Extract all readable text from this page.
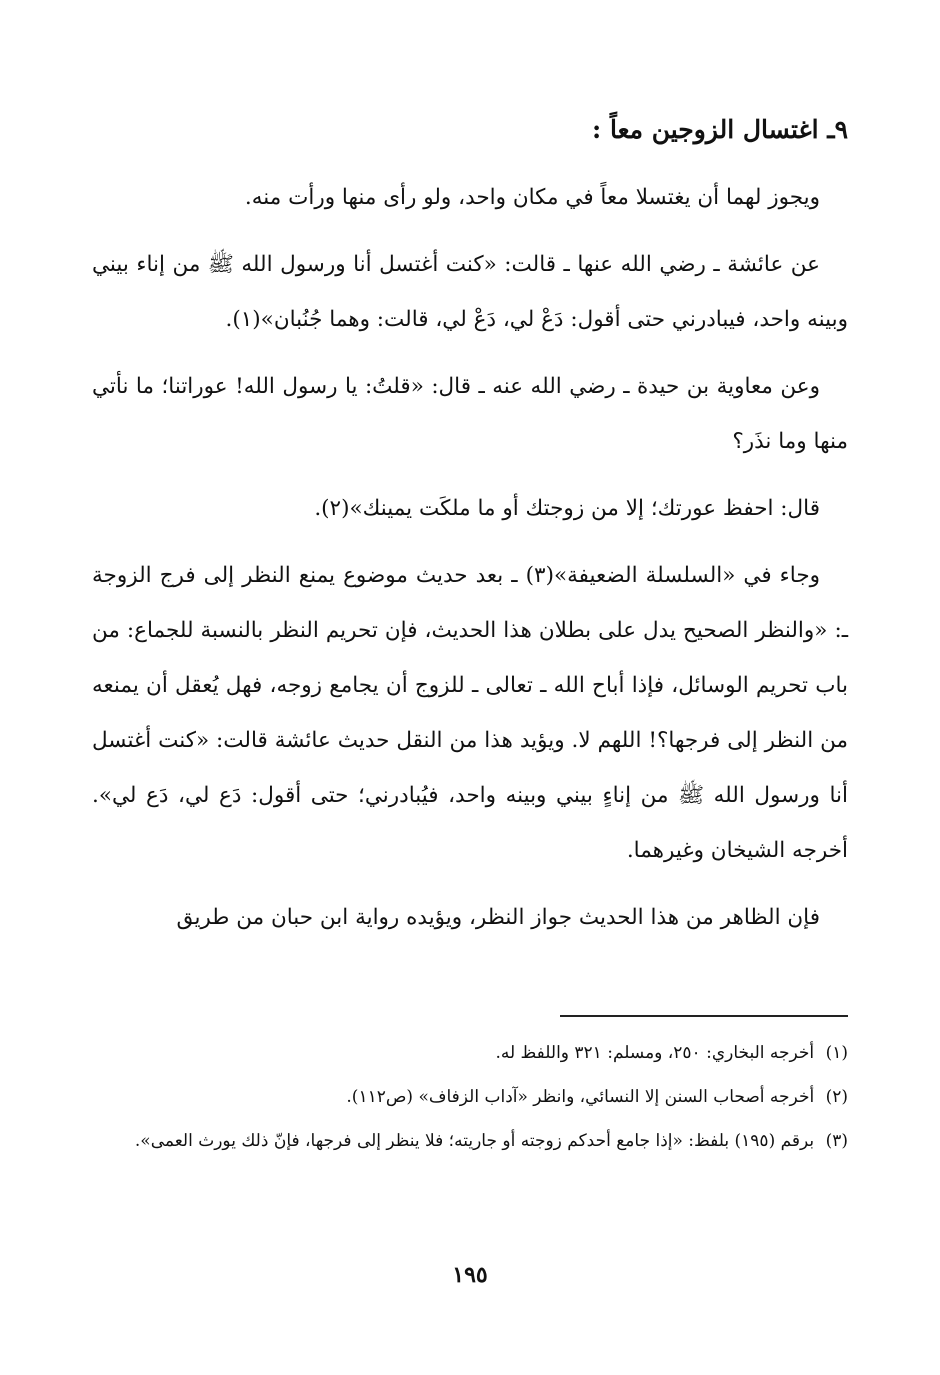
٩ـ اغتسال الزوجين معاً :

ويجوز لهما أن يغتسلا معاً في مكان واحد، ولو رأى منها ورأت منه.

عن عائشة ـ رضي الله عنها ـ قالت: «كنت أغتسل أنا ورسول الله ﷺ من إناء بيني وبينه واحد، فيبادرني حتى أقول: دَعْ لي، دَعْ لي، قالت: وهما جُنُبان»(١).

وعن معاوية بن حيدة ـ رضي الله عنه ـ قال: «قلتُ: يا رسول الله! عوراتنا؛ ما نأتي منها وما نذَر؟

قال: احفظ عورتك؛ إلا من زوجتك أو ما ملكَت يمينك»(٢).

وجاء في «السلسلة الضعيفة»(٣) ـ بعد حديث موضوع يمنع النظر إلى فرج الزوجة ـ: «والنظر الصحيح يدل على بطلان هذا الحديث، فإن تحريم النظر بالنسبة للجماع: من باب تحريم الوسائل، فإذا أباح الله ـ تعالى ـ للزوج أن يجامع زوجه، فهل يُعقل أن يمنعه من النظر إلى فرجها؟! اللهم لا. ويؤيد هذا من النقل حديث عائشة قالت: «كنت أغتسل أنا ورسول الله ﷺ من إناءٍ بيني وبينه واحد، فيُبادرني؛ حتى أقول: دَع لي، دَع لي». أخرجه الشيخان وغيرهما.

فإن الظاهر من هذا الحديث جواز النظر، ويؤيده رواية ابن حبان من طريق

(١) أخرجه البخاري: ٢٥٠، ومسلم: ٣٢١ واللفظ له.

(٢) أخرجه أصحاب السنن إلا النسائي، وانظر «آداب الزفاف» (ص١١٢).

(٣) برقم (١٩٥) بلفظ: «إذا جامع أحدكم زوجته أو جاريته؛ فلا ينظر إلى فرجها، فإنّ ذلك يورث العمى».

١٩٥
